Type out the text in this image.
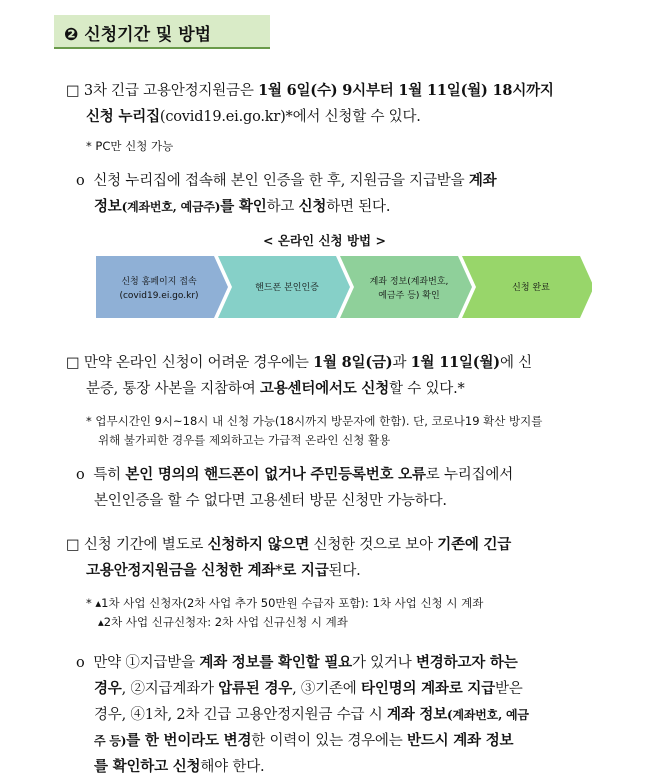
❷ 신청기간 및 방법
□ 3차 긴급 고용안정지원금은 1월 6일(수) 9시부터 1월 11일(월) 18시까지
신청 누리집(covid19.ei.go.kr)*에서 신청할 수 있다.
* PC만 신청 가능
o 신청 누리집에 접속해 본인 인증을 한 후, 지원금을 지급받을 계좌
정보(계좌번호, 예금주)를 확인하고 신청하면 된다.
< 온라인 신청 방법 >
신청 홈페이지 접속
(covid19.ei.go.kr)
핸드폰 본인인증
계좌 정보(계좌번호,
예금주 등) 확인
신청 완료
□ 만약 온라인 신청이 어려운 경우에는 1월 8일(금)과 1월 11일(월)에 신
분증, 통장 사본을 지참하여 고용센터에서도 신청할 수 있다.*
* 업무시간인 9시~18시 내 신청 가능(18시까지 방문자에 한함). 단, 코로나19 확산 방지를
위해 불가피한 경우를 제외하고는 가급적 온라인 신청 활용
o 특히 본인 명의의 핸드폰이 없거나 주민등록번호 오류로 누리집에서
본인인증을 할 수 없다면 고용센터 방문 신청만 가능하다.
□ 신청 기간에 별도로 신청하지 않으면 신청한 것으로 보아 기존에 긴급
고용안정지원금을 신청한 계좌*로 지급된다.
* ▴1차 사업 신청자(2차 사업 추가 50만원 수급자 포함): 1차 사업 신청 시 계좌
▴2차 사업 신규신청자: 2차 사업 신규신청 시 계좌
o 만약 ①지급받을 계좌 정보를 확인할 필요가 있거나 변경하고자 하는
경우, ②지급계좌가 압류된 경우, ③기존에 타인명의 계좌로 지급받은
경우, ④1차, 2차 긴급 고용안정지원금 수급 시 계좌 정보(계좌번호, 예금
주 등)를 한 번이라도 변경한 이력이 있는 경우에는 반드시 계좌 정보
를 확인하고 신청해야 한다.
